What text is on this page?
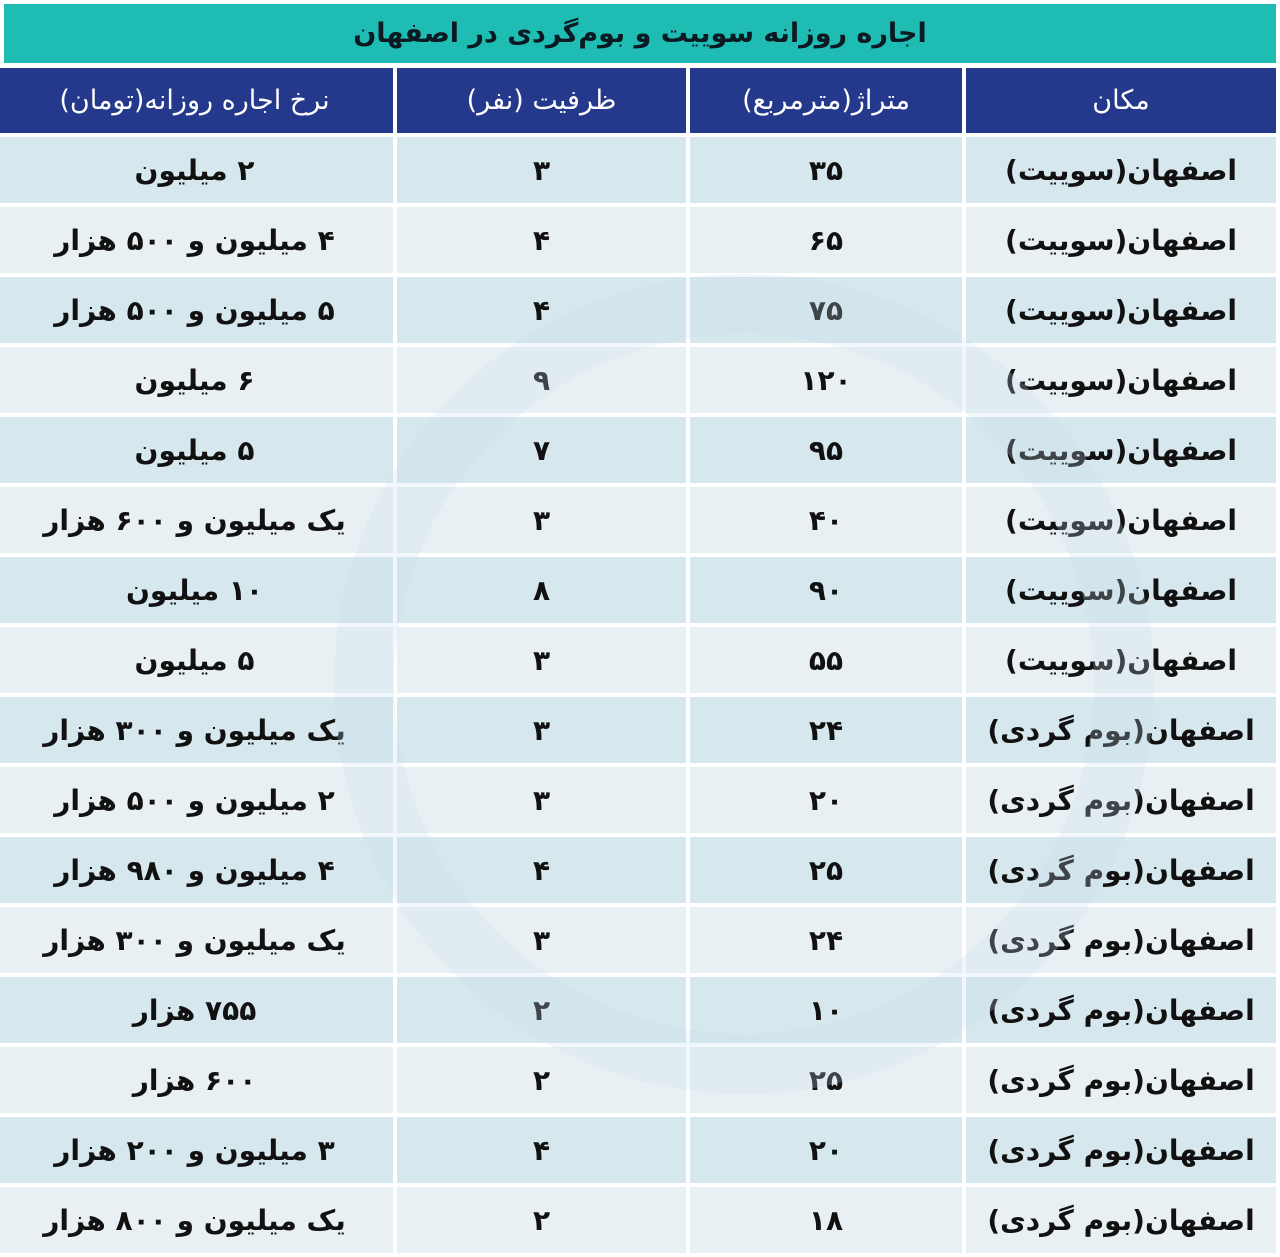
اجاره روزانه سوییت و بوم‌گردی در اصفهان
مکان
متراژ(مترمربع)
ظرفیت (نفر)
نرخ اجاره روزانه(تومان)
اصفهان(سوییت)
۳۵
۳
۲ میلیون
اصفهان(سوییت)
۶۵
۴
۴ میلیون و ۵۰۰ هزار
اصفهان(سوییت)
۷۵
۴
۵ میلیون و ۵۰۰ هزار
اصفهان(سوییت)
۱۲۰
۹
۶ میلیون
اصفهان(سوییت)
۹۵
۷
۵ میلیون
اصفهان(سوییت)
۴۰
۳
یک میلیون و ۶۰۰ هزار
اصفهان(سوییت)
۹۰
۸
۱۰ میلیون
اصفهان(سوییت)
۵۵
۳
۵ میلیون
اصفهان(بوم گردی)
۲۴
۳
یک میلیون و ۳۰۰ هزار
اصفهان(بوم گردی)
۲۰
۳
۲ میلیون و ۵۰۰ هزار
اصفهان(بوم گردی)
۲۵
۴
۴ میلیون و ۹۸۰ هزار
اصفهان(بوم گردی)
۲۴
۳
یک میلیون و ۳۰۰ هزار
اصفهان(بوم گردی)
۱۰
۲
۷۵۵ هزار
اصفهان(بوم گردی)
۲۵
۲
۶۰۰ هزار
اصفهان(بوم گردی)
۲۰
۴
۳ میلیون و ۲۰۰ هزار
اصفهان(بوم گردی)
۱۸
۲
یک میلیون و ۸۰۰ هزار
